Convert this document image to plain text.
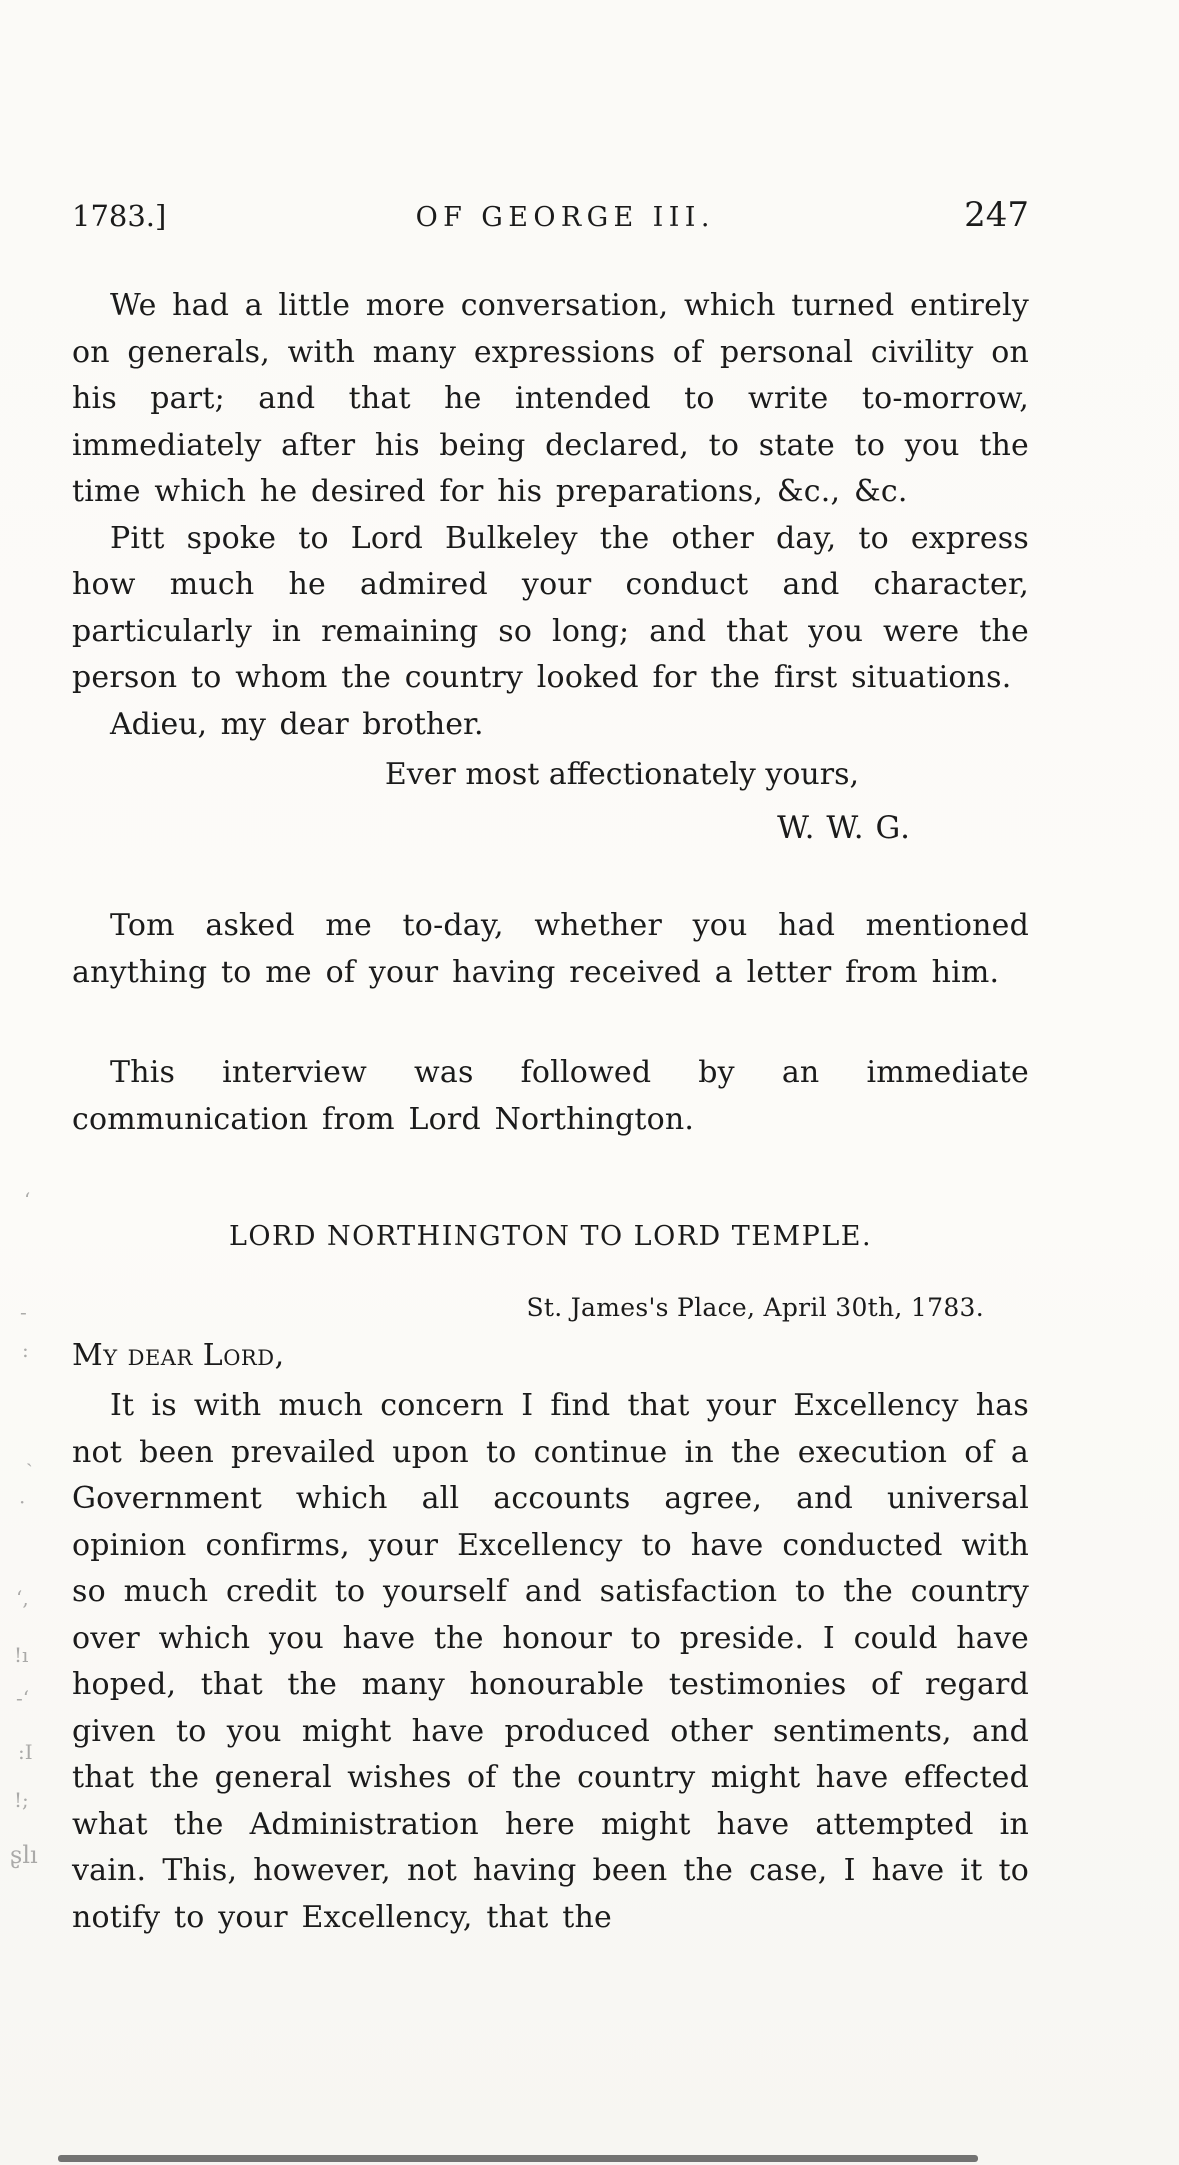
1783.]	OF GEORGE III.	247

We had a little more conversation, which turned entirely on generals, with many expressions of personal civility on his part; and that he intended to write to-morrow, immediately after his being declared, to state to you the time which he desired for his preparations, &c., &c.

Pitt spoke to Lord Bulkeley the other day, to express how much he admired your conduct and character, particularly in remaining so long; and that you were the person to whom the country looked for the first situations.

Adieu, my dear brother.

Ever most affectionately yours,

W. W. G.

Tom asked me to-day, whether you had mentioned anything to me of your having received a letter from him.

This interview was followed by an immediate communication from Lord Northington.

LORD NORTHINGTON TO LORD TEMPLE.

St. James's Place, April 30th, 1783.

My dear Lord,

It is with much concern I find that your Excellency has not been prevailed upon to continue in the execution of a Government which all accounts agree, and universal opinion confirms, your Excellency to have conducted with so much credit to yourself and satisfaction to the country over which you have the honour to preside. I could have hoped, that the many honourable testimonies of regard given to you might have produced other sentiments, and that the general wishes of the country might have effected what the Administration here might have attempted in vain. This, however, not having been the case, I have it to notify to your Excellency, that the

ʻ
-
:
ˏ
·
ʻ,
!ı
-ʻ
:I
!;
ʂlı
